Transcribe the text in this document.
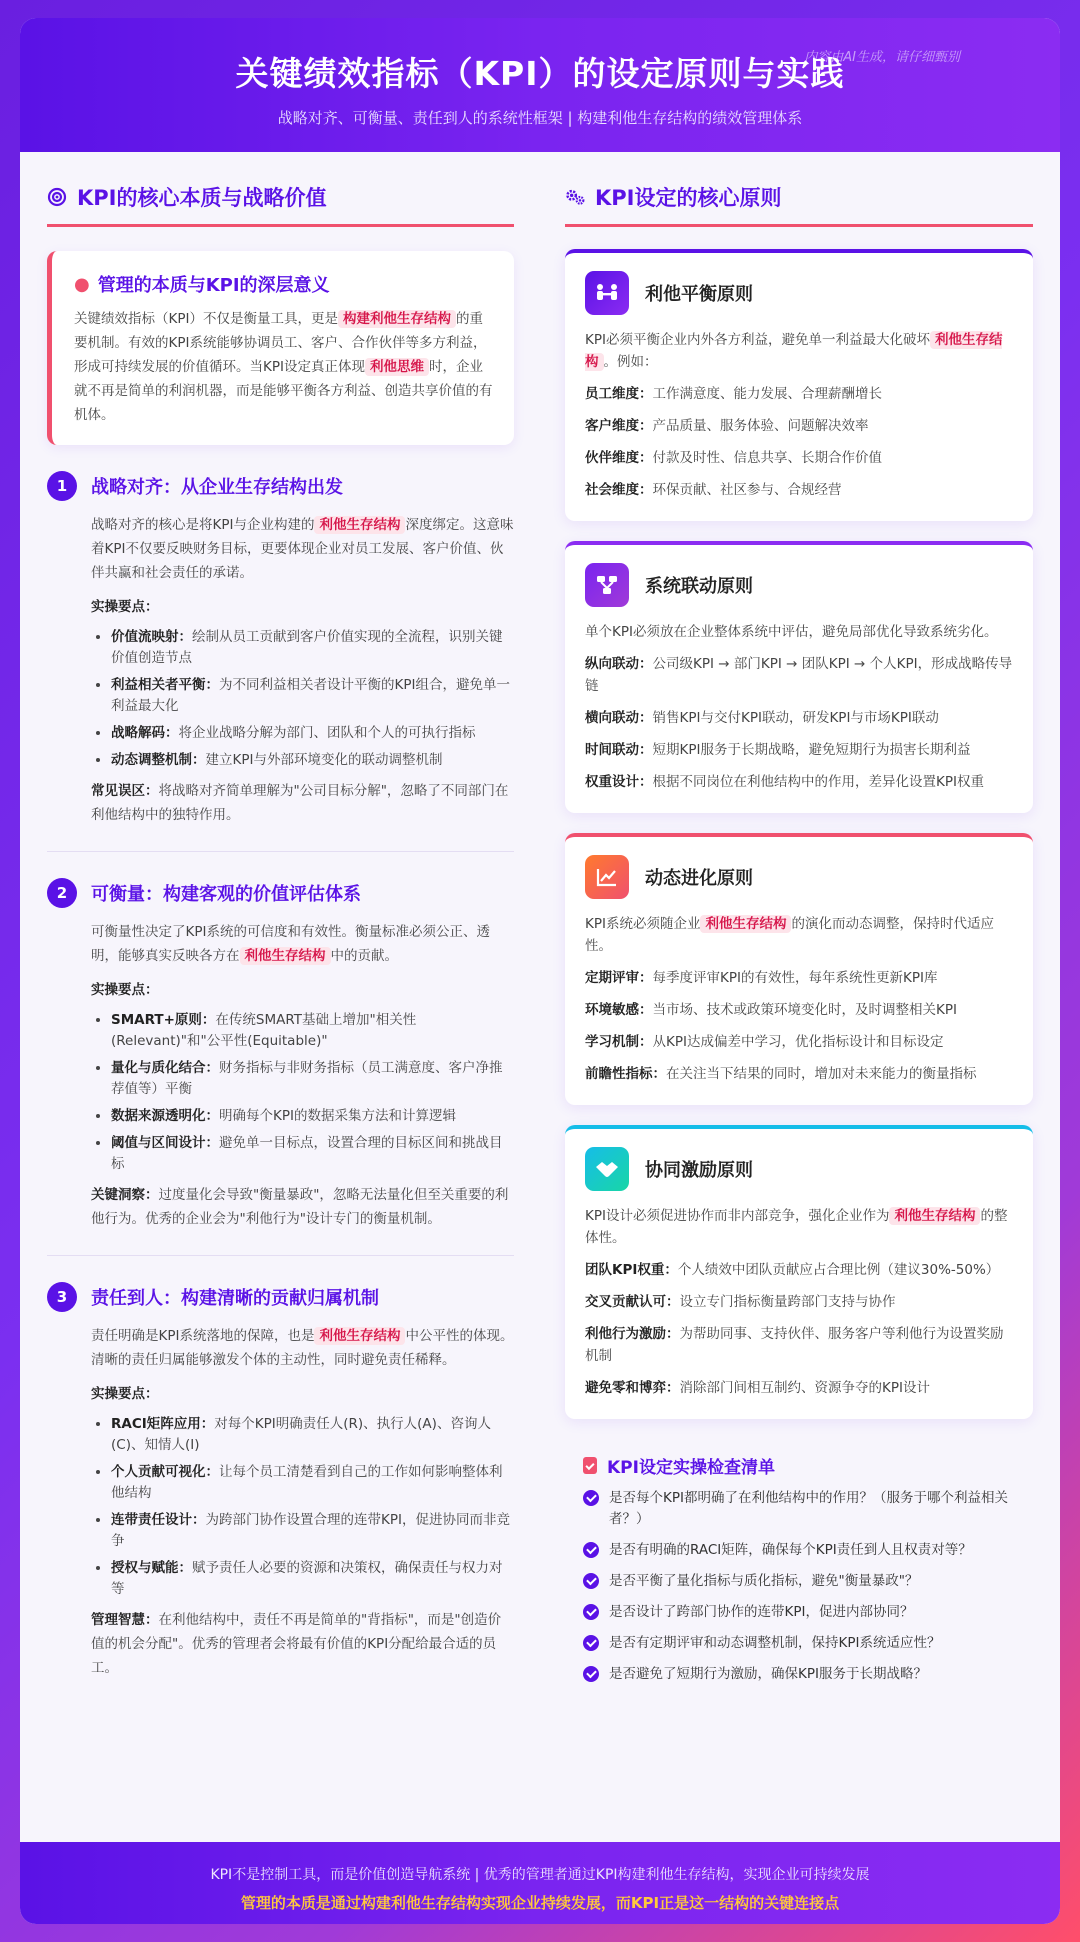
关键绩效指标（KPI）的设定原则与实践
战略对齐、可衡量、责任到人的系统性框架 | 构建利他生存结构的绩效管理体系
内容由AI生成，请仔细甄别
KPI的核心本质与战略价值
● 管理的本质与KPI的深层意义

关键绩效指标（KPI）不仅是衡量工具，更是 构建利他生存结构 的重要机制。有效的KPI系统能够协调员工、客户、合作伙伴等多方利益，形成可持续发展的价值循环。当KPI设定真正体现 利他思维 时，企业就不再是简单的利润机器，而是能够平衡各方利益、创造共享价值的有机体。

1	战略对齐：从企业生存结构出发
战略对齐的核心是将KPI与企业构建的 利他生存结构 深度绑定。这意味着KPI不仅要反映财务目标，更要体现企业对员工发展、客户价值、伙伴共赢和社会责任的承诺。
实操要点：
• 价值流映射：绘制从员工贡献到客户价值实现的全流程，识别关键价值创造节点
• 利益相关者平衡：为不同利益相关者设计平衡的KPI组合，避免单一利益最大化
• 战略解码：将企业战略分解为部门、团队和个人的可执行指标
• 动态调整机制：建立KPI与外部环境变化的联动调整机制
常见误区：将战略对齐简单理解为"公司目标分解"，忽略了不同部门在利他结构中的独特作用。
2	可衡量：构建客观的价值评估体系
可衡量性决定了KPI系统的可信度和有效性。衡量标准必须公正、透明，能够真实反映各方在 利他生存结构 中的贡献。
实操要点：
• SMART+原则：在传统SMART基础上增加"相关性(Relevant)"和"公平性(Equitable)"
• 量化与质化结合：财务指标与非财务指标（员工满意度、客户净推荐值等）平衡
• 数据来源透明化：明确每个KPI的数据采集方法和计算逻辑
• 阈值与区间设计：避免单一目标点，设置合理的目标区间和挑战目标
关键洞察：过度量化会导致"衡量暴政"，忽略无法量化但至关重要的利他行为。优秀的企业会为"利他行为"设计专门的衡量机制。
3	责任到人：构建清晰的贡献归属机制
责任明确是KPI系统落地的保障，也是 利他生存结构 中公平性的体现。清晰的责任归属能够激发个体的主动性，同时避免责任稀释。
实操要点：
• RACI矩阵应用：对每个KPI明确责任人(R)、执行人(A)、咨询人(C)、知情人(I)
• 个人贡献可视化：让每个员工清楚看到自己的工作如何影响整体利他结构
• 连带责任设计：为跨部门协作设置合理的连带KPI，促进协同而非竞争
• 授权与赋能：赋予责任人必要的资源和决策权，确保责任与权力对等
管理智慧：在利他结构中，责任不再是简单的"背指标"，而是"创造价值的机会分配"。优秀的管理者会将最有价值的KPI分配给最合适的员工。
KPI设定的核心原则
利他平衡原则
KPI必须平衡企业内外各方利益，避免单一利益最大化破坏 利他生存结构 。例如：
员工维度：工作满意度、能力发展、合理薪酬增长
客户维度：产品质量、服务体验、问题解决效率
伙伴维度：付款及时性、信息共享、长期合作价值
社会维度：环保贡献、社区参与、合规经营
系统联动原则
单个KPI必须放在企业整体系统中评估，避免局部优化导致系统劣化。
纵向联动：公司级KPI → 部门KPI → 团队KPI → 个人KPI，形成战略传导链
横向联动：销售KPI与交付KPI联动，研发KPI与市场KPI联动
时间联动：短期KPI服务于长期战略，避免短期行为损害长期利益
权重设计：根据不同岗位在利他结构中的作用，差异化设置KPI权重
动态进化原则
KPI系统必须随企业 利他生存结构 的演化而动态调整，保持时代适应性。
定期评审：每季度评审KPI的有效性，每年系统性更新KPI库
环境敏感：当市场、技术或政策环境变化时，及时调整相关KPI
学习机制：从KPI达成偏差中学习，优化指标设计和目标设定
前瞻性指标：在关注当下结果的同时，增加对未来能力的衡量指标
协同激励原则
KPI设计必须促进协作而非内部竞争，强化企业作为 利他生存结构 的整体性。
团队KPI权重：个人绩效中团队贡献应占合理比例（建议30%-50%）
交叉贡献认可：设立专门指标衡量跨部门支持与协作
利他行为激励：为帮助同事、支持伙伴、服务客户等利他行为设置奖励机制
避免零和博弈：消除部门间相互制约、资源争夺的KPI设计
KPI设定实操检查清单
是否每个KPI都明确了在利他结构中的作用？（服务于哪个利益相关者？）
是否有明确的RACI矩阵，确保每个KPI责任到人且权责对等？
是否平衡了量化指标与质化指标，避免"衡量暴政"？
是否设计了跨部门协作的连带KPI，促进内部协同？
是否有定期评审和动态调整机制，保持KPI系统适应性？
是否避免了短期行为激励，确保KPI服务于长期战略？
KPI不是控制工具，而是价值创造导航系统 | 优秀的管理者通过KPI构建利他生存结构，实现企业可持续发展
管理的本质是通过构建利他生存结构实现企业持续发展，而KPI正是这一结构的关键连接点
